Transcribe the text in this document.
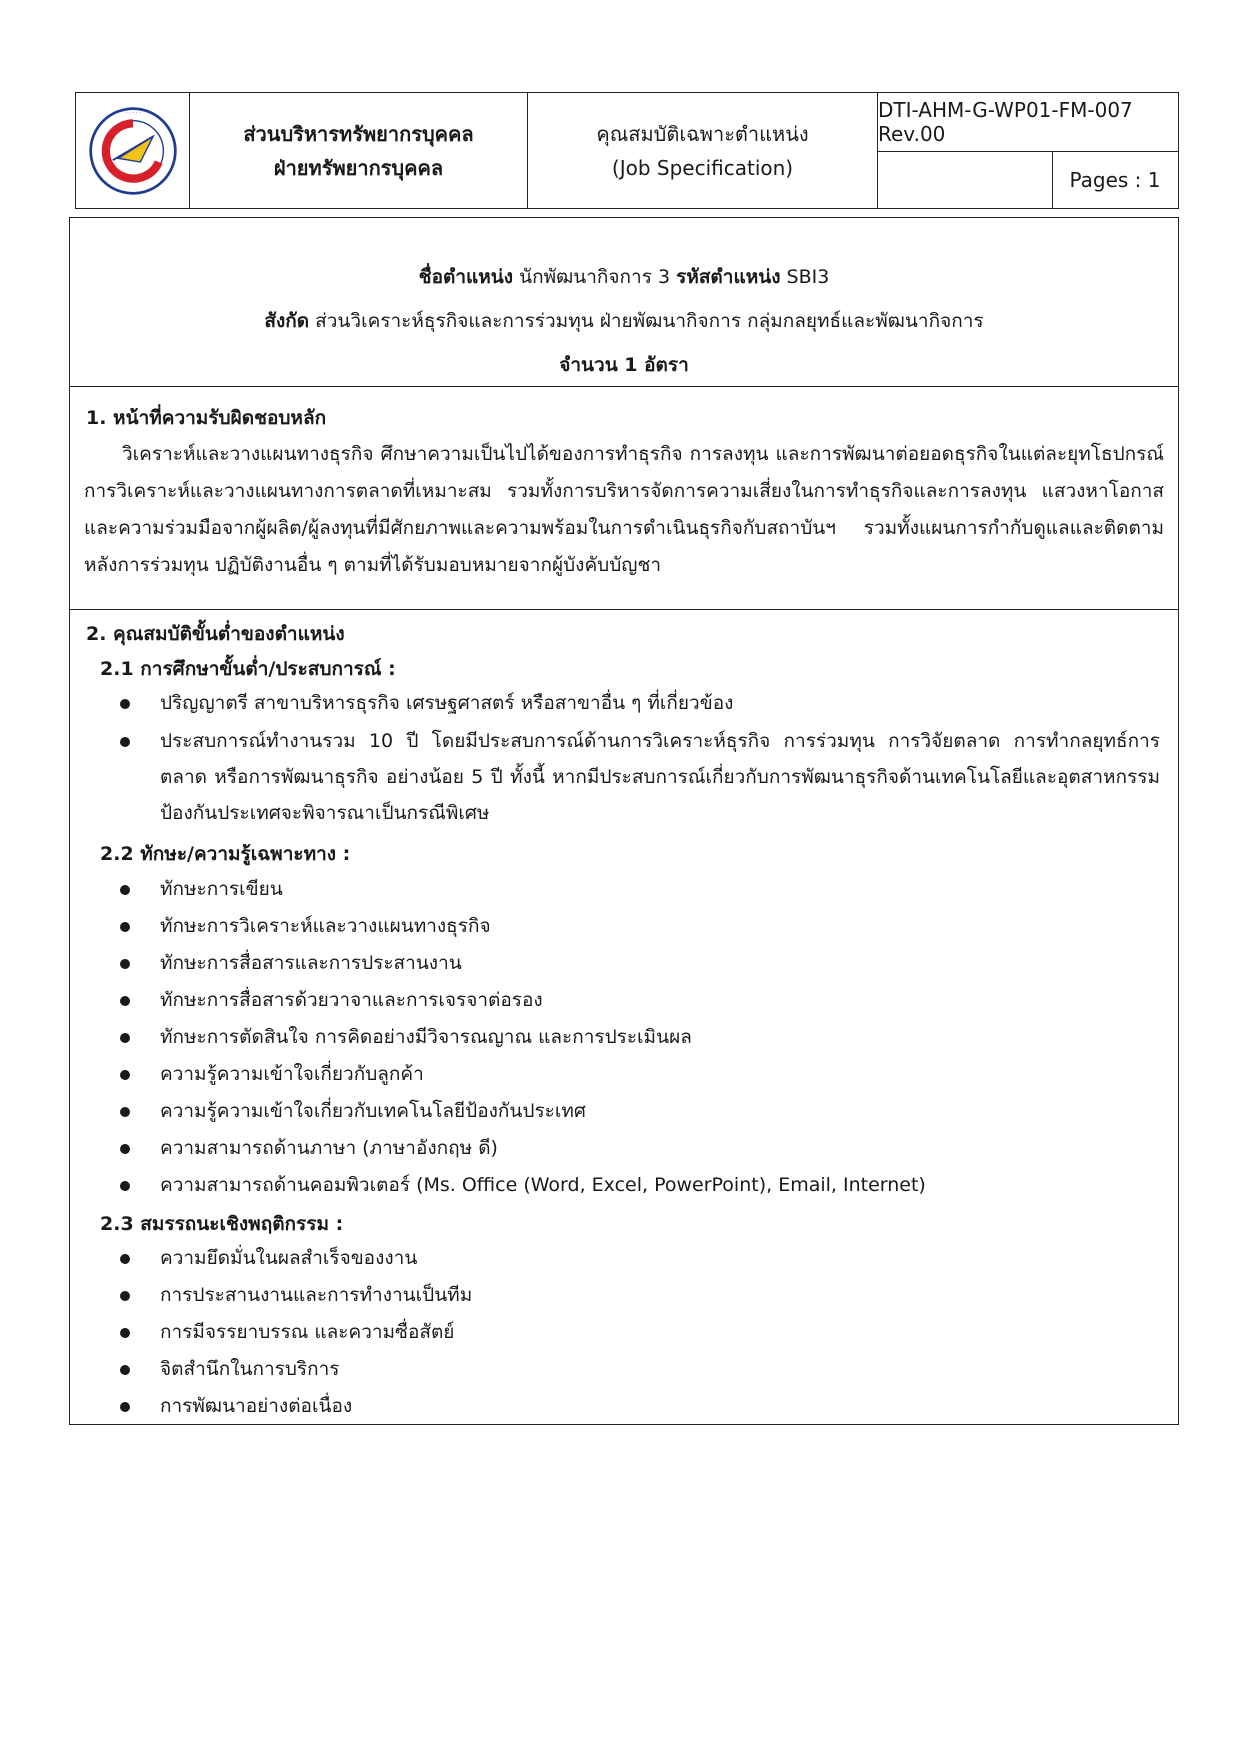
· · · · ·
· · · · ·
ส่วนบริหารทรัพยากรบุคคล
ฝ่ายทรัพยากรบุคคล
คุณสมบัติเฉพาะตำแหน่ง
(Job Specification)
DTI-AHM-G-WP01-FM-007 Rev.00
Pages : 1
ชื่อตำแหน่ง นักพัฒนากิจการ 3 รหัสตำแหน่ง SBI3
สังกัด ส่วนวิเคราะห์ธุรกิจและการร่วมทุน ฝ่ายพัฒนากิจการ กลุ่มกลยุทธ์และพัฒนากิจการ
จำนวน 1 อัตรา
1. หน้าที่ความรับผิดชอบหลัก
วิเคราะห์และวางแผนทางธุรกิจ ศึกษาความเป็นไปได้ของการทำธุรกิจ การลงทุน และการพัฒนาต่อยอดธุรกิจในแต่ละยุทโธปกรณ์ การวิเคราะห์และวางแผนทางการตลาดที่เหมาะสม รวมทั้งการบริหารจัดการความเสี่ยงในการทำธุรกิจและการลงทุน แสวงหาโอกาสและความร่วมมือจากผู้ผลิต/ผู้ลงทุนที่มีศักยภาพและความพร้อมในการดำเนินธุรกิจกับสถาบันฯ รวมทั้งแผนการกำกับดูแลและติดตามหลังการร่วมทุน ปฏิบัติงานอื่น ๆ ตามที่ได้รับมอบหมายจากผู้บังคับบัญชา
2. คุณสมบัติขั้นต่ำของตำแหน่ง
2.1 การศึกษาขั้นต่ำ/ประสบการณ์ :
ปริญญาตรี สาขาบริหารธุรกิจ เศรษฐศาสตร์ หรือสาขาอื่น ๆ ที่เกี่ยวข้อง
ประสบการณ์ทำงานรวม 10 ปี โดยมีประสบการณ์ด้านการวิเคราะห์ธุรกิจ การร่วมทุน การวิจัยตลาด การทำกลยุทธ์การตลาด หรือการพัฒนาธุรกิจ อย่างน้อย 5 ปี ทั้งนี้ หากมีประสบการณ์เกี่ยวกับการพัฒนาธุรกิจด้านเทคโนโลยีและอุตสาหกรรมป้องกันประเทศจะพิจารณาเป็นกรณีพิเศษ
2.2 ทักษะ/ความรู้เฉพาะทาง :
ทักษะการเขียน
ทักษะการวิเคราะห์และวางแผนทางธุรกิจ
ทักษะการสื่อสารและการประสานงาน
ทักษะการสื่อสารด้วยวาจาและการเจรจาต่อรอง
ทักษะการตัดสินใจ การคิดอย่างมีวิจารณญาณ และการประเมินผล
ความรู้ความเข้าใจเกี่ยวกับลูกค้า
ความรู้ความเข้าใจเกี่ยวกับเทคโนโลยีป้องกันประเทศ
ความสามารถด้านภาษา (ภาษาอังกฤษ ดี)
ความสามารถด้านคอมพิวเตอร์ (Ms. Office (Word, Excel, PowerPoint), Email, Internet)
2.3 สมรรถนะเชิงพฤติกรรม :
ความยึดมั่นในผลสำเร็จของงาน
การประสานงานและการทำงานเป็นทีม
การมีจรรยาบรรณ และความซื่อสัตย์
จิตสำนึกในการบริการ
การพัฒนาอย่างต่อเนื่อง
